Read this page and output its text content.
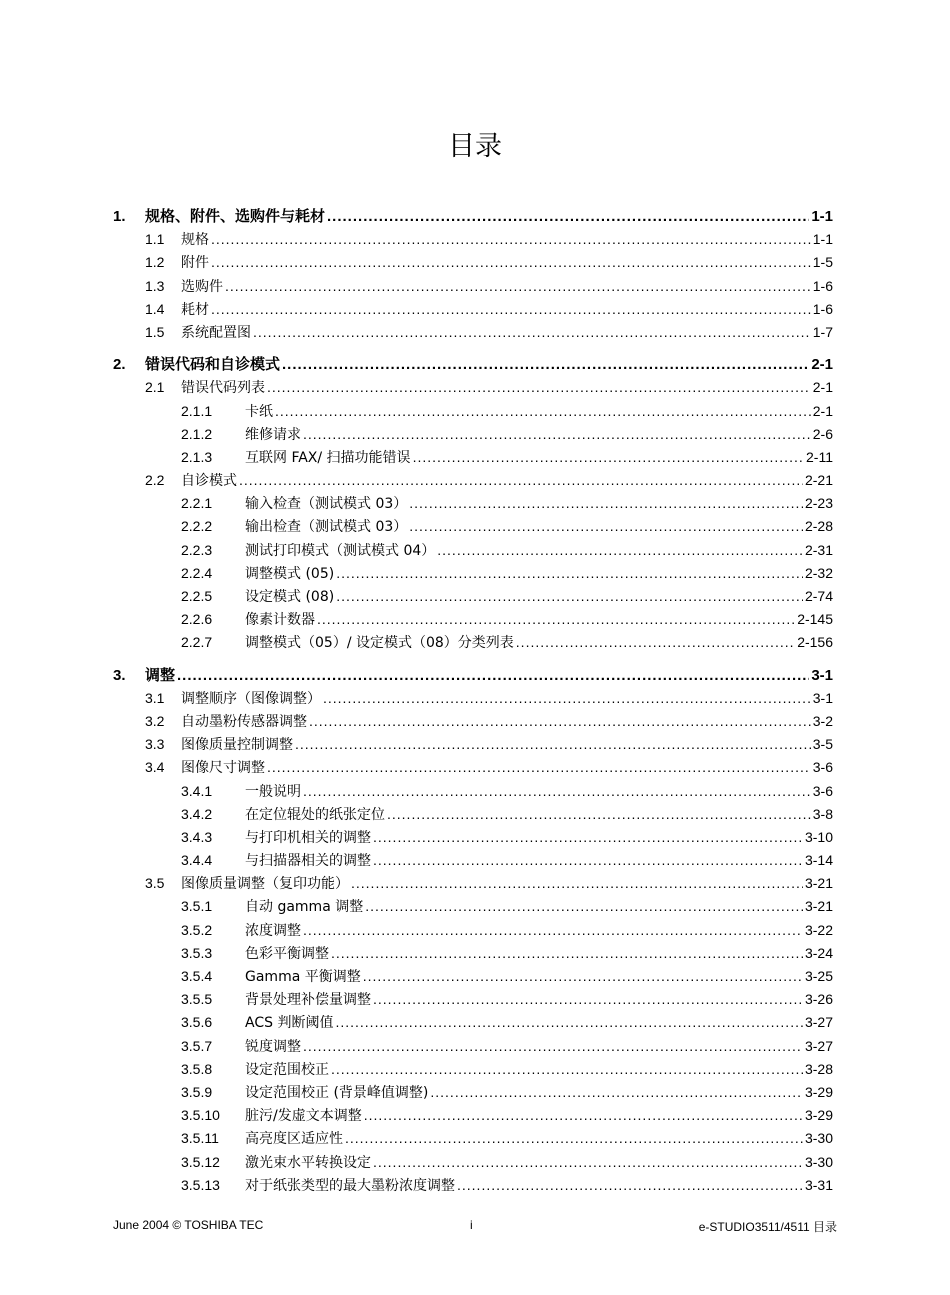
目录
1.	规格、附件、选购件与耗材 .....	1-1
1.1	规格 .....	1-1
1.2	附件 .....	1-5
1.3	选购件 .....	1-6
1.4	耗材 .....	1-6
1.5	系统配置图 .....	1-7
2.	错误代码和自诊模式 .....	2-1
2.1	错误代码列表 .....	2-1
2.1.1	卡纸 .....	2-1
2.1.2	维修请求 .....	2-6
2.1.3	互联网 FAX/ 扫描功能错误 .....	2-11
2.2	自诊模式 .....	2-21
2.2.1	输入检查（测试模式 03） .....	2-23
2.2.2	输出检查（测试模式 03） .....	2-28
2.2.3	测试打印模式（测试模式 04） .....	2-31
2.2.4	调整模式 (05) .....	2-32
2.2.5	设定模式 (08) .....	2-74
2.2.6	像素计数器 .....	2-145
2.2.7	调整模式（05）/ 设定模式（08）分类列表 .....	2-156
3.	调整 .....	3-1
3.1	调整顺序（图像调整） .....	3-1
3.2	自动墨粉传感器调整 .....	3-2
3.3	图像质量控制调整 .....	3-5
3.4	图像尺寸调整 .....	3-6
3.4.1	一般说明 .....	3-6
3.4.2	在定位辊处的纸张定位 .....	3-8
3.4.3	与打印机相关的调整 .....	3-10
3.4.4	与扫描器相关的调整 .....	3-14
3.5	图像质量调整（复印功能） .....	3-21
3.5.1	自动 gamma 调整 .....	3-21
3.5.2	浓度调整 .....	3-22
3.5.3	色彩平衡调整 .....	3-24
3.5.4	Gamma 平衡调整 .....	3-25
3.5.5	背景处理补偿量调整 .....	3-26
3.5.6	ACS 判断阈值 .....	3-27
3.5.7	锐度调整 .....	3-27
3.5.8	设定范围校正 .....	3-28
3.5.9	设定范围校正 (背景峰值调整) .....	3-29
3.5.10	脏污/发虚文本调整 .....	3-29
3.5.11	高亮度区适应性 .....	3-30
3.5.12	激光束水平转换设定 .....	3-30
3.5.13	对于纸张类型的最大墨粉浓度调整 .....	3-31
June 2004 © TOSHIBA TEC	i	e-STUDIO3511/4511 目录
